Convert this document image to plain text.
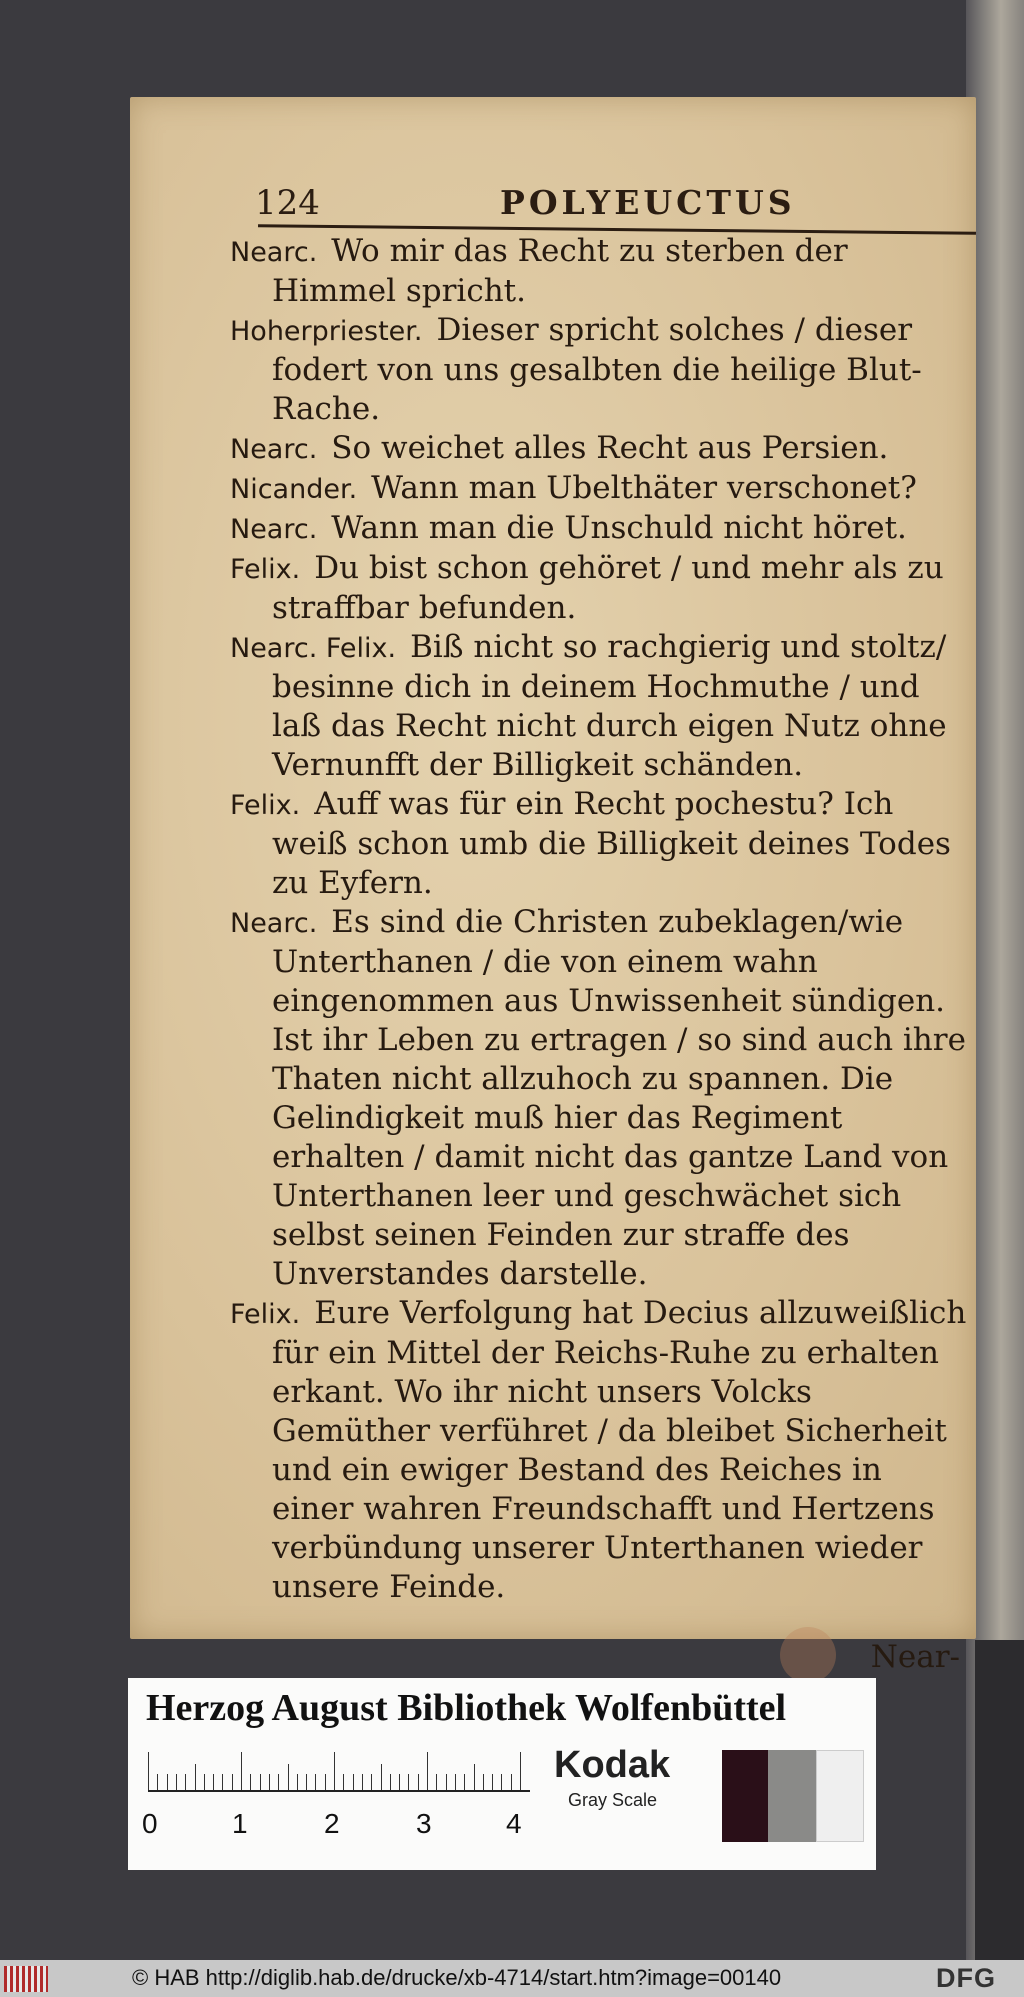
124	POLYEUCTUS

Nearc. Wo mir das Recht zu sterben der Himmel spricht.

Hoherpriester. Dieser spricht solches / dieser fodert von uns gesalbten die heilige Blut-Rache.

Nearc. So weichet alles Recht aus Persien.

Nicander. Wann man Ubelthäter verschonet?

Nearc. Wann man die Unschuld nicht höret.

Felix. Du bist schon gehöret / und mehr als zu straffbar befunden.

Nearc. Felix. Biß nicht so rachgierig und stoltz/ besinne dich in deinem Hochmuthe / und laß das Recht nicht durch eigen Nutz ohne Vernunfft der Billigkeit schänden.

Felix. Auff was für ein Recht pochestu? Ich weiß schon umb die Billigkeit deines Todes zu Eyfern.

Nearc. Es sind die Christen zubeklagen/wie Unterthanen / die von einem wahn eingenommen aus Unwissenheit sündigen. Ist ihr Leben zu ertragen / so sind auch ihre Thaten nicht allzuhoch zu spannen. Die Gelindigkeit muß hier das Regiment erhalten / damit nicht das gantze Land von Unterthanen leer und geschwächet sich selbst seinen Feinden zur straffe des Unverstandes darstelle.

Felix. Eure Verfolgung hat Decius allzuweißlich für ein Mittel der Reichs-Ruhe zu erhalten erkant. Wo ihr nicht unsers Volcks Gemüther verführet / da bleibet Sicherheit und ein ewiger Bestand des Reiches in einer wahren Freundschafft und Hertzens verbündung unserer Unterthanen wieder unsere Feinde.

Near-

Herzog August Bibliothek Wolfenbüttel
0	1	2	3	4
Kodak
Gray Scale
© HAB http://diglib.hab.de/drucke/xb-4714/start.htm?image=00140	DFG
